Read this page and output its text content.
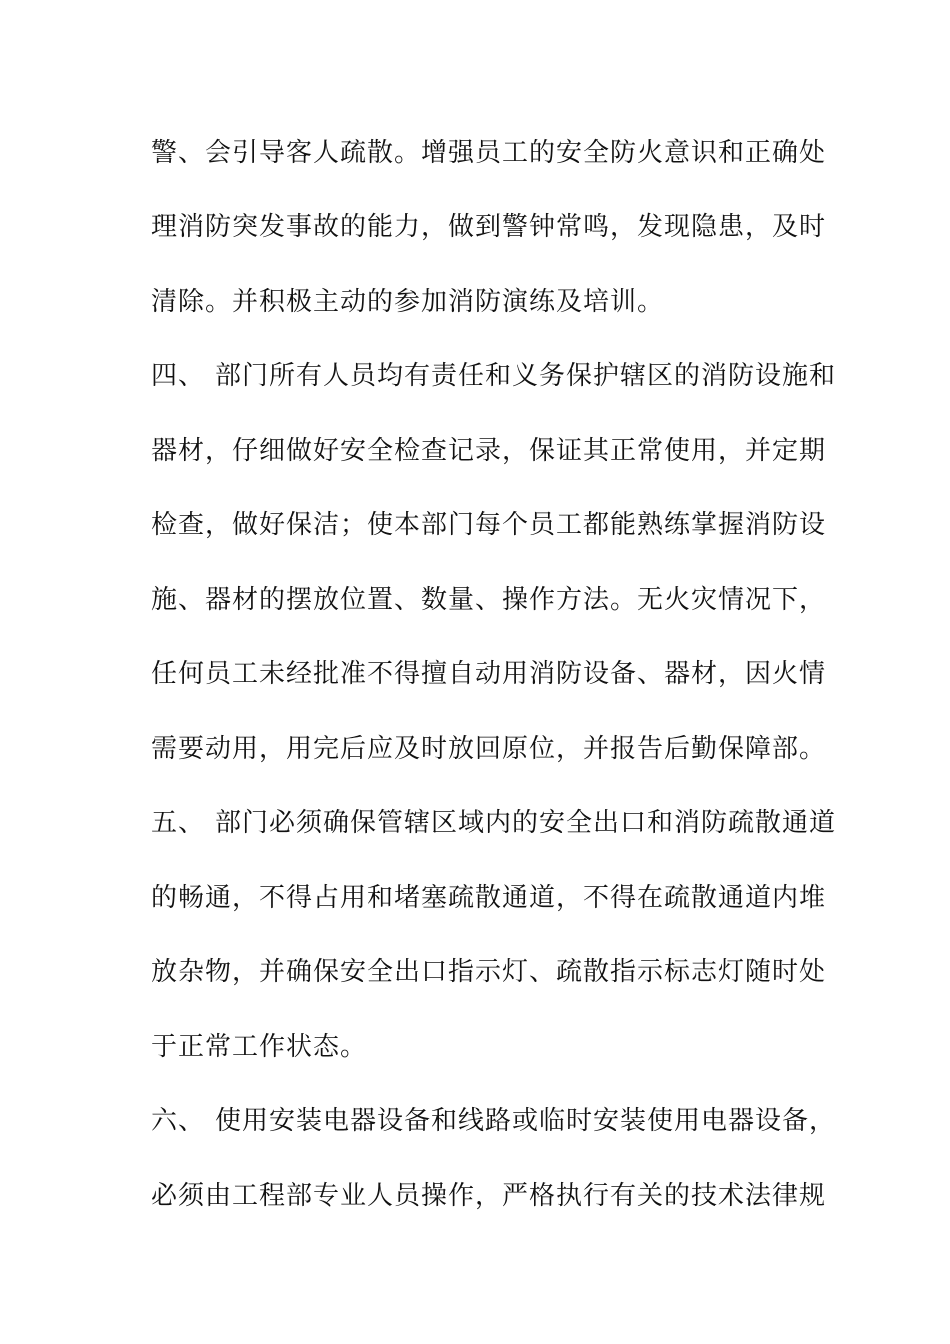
警、会引导客人疏散。增强员工的安全防火意识和正确处
理消防突发事故的能力，做到警钟常鸣，发现隐患，及时
清除。并积极主动的参加消防演练及培训。
四、 部门所有人员均有责任和义务保护辖区的消防设施和
器材，仔细做好安全检查记录，保证其正常使用，并定期
检查，做好保洁；使本部门每个员工都能熟练掌握消防设
施、器材的摆放位置、数量、操作方法。无火灾情况下，
任何员工未经批准不得擅自动用消防设备、器材，因火情
需要动用，用完后应及时放回原位，并报告后勤保障部。
五、 部门必须确保管辖区域内的安全出口和消防疏散通道
的畅通，不得占用和堵塞疏散通道，不得在疏散通道内堆
放杂物，并确保安全出口指示灯、疏散指示标志灯随时处
于正常工作状态。
六、 使用安装电器设备和线路或临时安装使用电器设备，
必须由工程部专业人员操作，严格执行有关的技术法律规
